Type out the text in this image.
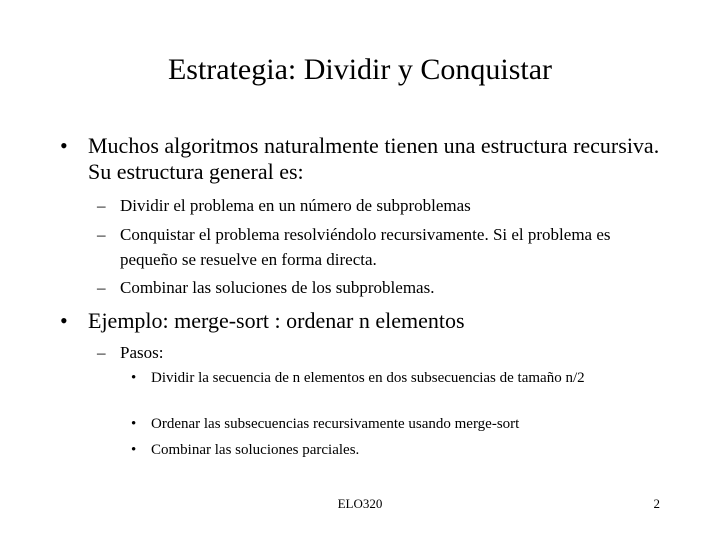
Estrategia: Dividir y Conquistar
• Muchos algoritmos naturalmente tienen una estructura recursiva. Su estructura general es:
– Dividir el problema en un número de subproblemas
– Conquistar el problema resolviéndolo recursivamente. Si el problema es pequeño se resuelve en forma directa.
– Combinar las soluciones de los subproblemas.
• Ejemplo: merge-sort : ordenar n elementos
– Pasos:
• Dividir la secuencia de n elementos en dos subsecuencias de tamaño n/2
• Ordenar las subsecuencias recursivamente usando merge-sort
• Combinar las soluciones parciales.
ELO320	2
